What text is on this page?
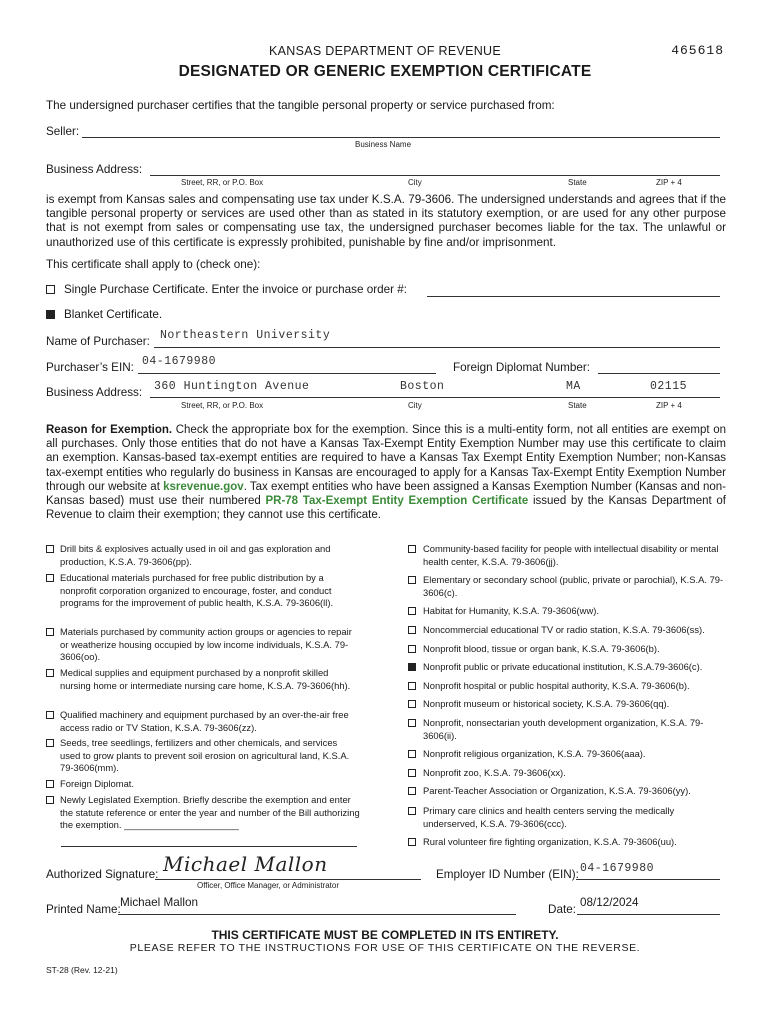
KANSAS DEPARTMENT OF REVENUE	465618
DESIGNATED OR GENERIC EXEMPTION CERTIFICATE
The undersigned purchaser certifies that the tangible personal property or service purchased from:
Seller:
Business Name
Business Address:
Street, RR, or P.O. Box	City	State	ZIP + 4
is exempt from Kansas sales and compensating use tax under K.S.A. 79-3606. The undersigned understands and agrees that if the tangible personal property or services are used other than as stated in its statutory exemption, or are used for any other purpose that is not exempt from sales or compensating use tax, the undersigned purchaser becomes liable for the tax. The unlawful or unauthorized use of this certificate is expressly prohibited, punishable by fine and/or imprisonment.
This certificate shall apply to (check one):
Single Purchase Certificate. Enter the invoice or purchase order #:
Blanket Certificate.
Name of Purchaser: Northeastern University
Purchaser’s EIN: 04-1679980	Foreign Diplomat Number:
Business Address: 360 Huntington Avenue	Boston	MA	02115
Street, RR, or P.O. Box	City	State	ZIP + 4
Reason for Exemption. Check the appropriate box for the exemption. Since this is a multi-entity form, not all entities are exempt on all purchases. Only those entities that do not have a Kansas Tax-Exempt Entity Exemption Number may use this certificate to claim an exemption. Kansas-based tax-exempt entities are required to have a Kansas Tax Exempt Entity Exemption Number; non-Kansas tax-exempt entities who regularly do business in Kansas are encouraged to apply for a Kansas Tax-Exempt Entity Exemption Number through our website at ksrevenue.gov. Tax exempt entities who have been assigned a Kansas Exemption Number (Kansas and non-Kansas based) must use their numbered PR-78 Tax-Exempt Entity Exemption Certificate issued by the Kansas Department of Revenue to claim their exemption; they cannot use this certificate.
Drill bits & explosives actually used in oil and gas exploration and production, K.S.A. 79-3606(pp).
Educational materials purchased for free public distribution by a nonprofit corporation organized to encourage, foster, and conduct programs for the improvement of public health, K.S.A. 79-3606(ll).
Materials purchased by community action groups or agencies to repair or weatherize housing occupied by low income individuals, K.S.A. 79-3606(oo).
Medical supplies and equipment purchased by a nonprofit skilled nursing home or intermediate nursing care home, K.S.A. 79-3606(hh).
Qualified machinery and equipment purchased by an over-the-air free access radio or TV Station, K.S.A. 79-3606(zz).
Seeds, tree seedlings, fertilizers and other chemicals, and services used to grow plants to prevent soil erosion on agricultural land, K.S.A. 79-3606(mm).
Foreign Diplomat.
Newly Legislated Exemption. Briefly describe the exemption and enter the statute reference or enter the year and number of the Bill authorizing the exemption. ______________________
Community-based facility for people with intellectual disability or mental health center, K.S.A. 79-3606(jj).
Elementary or secondary school (public, private or parochial), K.S.A. 79-3606(c).
Habitat for Humanity, K.S.A. 79-3606(ww).
Noncommercial educational TV or radio station, K.S.A. 79-3606(ss).
Nonprofit blood, tissue or organ bank, K.S.A. 79-3606(b).
Nonprofit public or private educational institution, K.S.A.79-3606(c).
Nonprofit hospital or public hospital authority, K.S.A. 79-3606(b).
Nonprofit museum or historical society, K.S.A. 79-3606(qq).
Nonprofit, nonsectarian youth development organization, K.S.A. 79-3606(ii).
Nonprofit religious organization, K.S.A. 79-3606(aaa).
Nonprofit zoo, K.S.A. 79-3606(xx).
Parent-Teacher Association or Organization, K.S.A. 79-3606(yy).
Primary care clinics and health centers serving the medically underserved, K.S.A. 79-3606(ccc).
Rural volunteer fire fighting organization, K.S.A. 79-3606(uu).
Authorized Signature: Michael Mallon
Officer, Office Manager, or Administrator
Employer ID Number (EIN): 04-1679980
Printed Name:
Michael Mallon
Date:
08/12/2024
THIS CERTIFICATE MUST BE COMPLETED IN ITS ENTIRETY.
PLEASE REFER TO THE INSTRUCTIONS FOR USE OF THIS CERTIFICATE ON THE REVERSE.
ST-28 (Rev. 12-21)
